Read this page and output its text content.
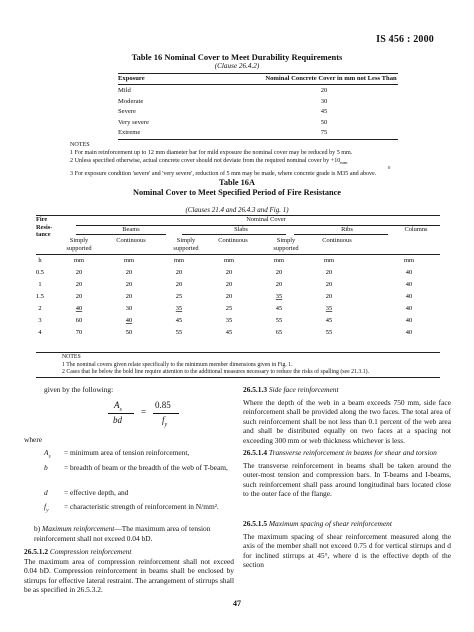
IS 456 : 2000
Table 16 Nominal Cover to Meet Durability Requirements
(Clause 26.4.2)
Exposure	Nominal Concrete Cover in mm not Less Than
Mild	20
Moderate	30
Severe	45
Very severe	50
Extreme	75
NOTES
1 For main reinforcement up to 12 mm diameter bar for mild exposure the nominal cover may be reduced by 5 mm.
2 Unless specified otherwise, actual concrete cover should not deviate from the required nominal cover by +10 mm
0
3 For exposure condition 'severe' and 'very severe', reduction of 5 mm may be made, where concrete grade is M35 and above.
Table 16A
Nominal Cover to Meet Specified Period of Fire Resistance
(Clauses 21.4 and 26.4.3 and Fig. 1)
Fire
Resis-
tance
Nominal Cover
Beams	Slabs	Ribs	Columns
Simply
supported
Continuous	Simply
supported
Continuous	Simply
supported
Continuous
h	mm	mm	mm	mm	mm	mm	mm
0.5	20	20	20	20	20	20	40
1	20	20	20	20	20	20	40
1.5	20	20	25	20	35	20	40
2	40	30	35	25	45	35	40
3	60	40	45	35	55	45	40
4	70	50	55	45	65	55	40
NOTES
1 The nominal covers given relate specifically to the minimum member dimensions given in Fig. 1.
2 Cases that lie below the bold line require attention to the additional measures necessary to reduce the risks of spalling (see 21.3.1).
given by the following:
$A_s$
bd
=
0.85
$f_y$
where
$A_s$ = minimum area of tension reinforcement,
b = breadth of beam or the breadth of the web of T-beam,
d = effective depth, and
$f_y$ = characteristic strength of reinforcement in N/mm².
b) Maximum reinforcement—The maximum area of tension reinforcement shall not exceed 0.04 bD.
26.5.1.2 Compression reinforcement
The maximum area of compression reinforcement shall not exceed 0.04 bD. Compression reinforcement in beams shall be enclosed by stirrups for effective lateral restraint. The arrangement of stirrups shall be as specified in 26.5.3.2.
26.5.1.3 Side face reinforcement
Where the depth of the web in a beam exceeds 750 mm, side face reinforcement shall be provided along the two faces. The total area of such reinforcement shall be not less than 0.1 percent of the web area and shall be distributed equally on two faces at a spacing not exceeding 300 mm or web thickness whichever is less.
26.5.1.4 Transverse reinforcement in beams for shear and torsion
The transverse reinforcement in beams shall be taken around the outer-most tension and compression bars. In T-beams and I-beams, such reinforcement shall pass around longitudinal bars located close to the outer face of the flange.
26.5.1.5 Maximum spacing of shear reinforcement
The maximum spacing of shear reinforcement measured along the axis of the member shall not exceed 0.75 d for vertical stirrups and d for inclined stirrups at 45°, where d is the effective depth of the section
47
